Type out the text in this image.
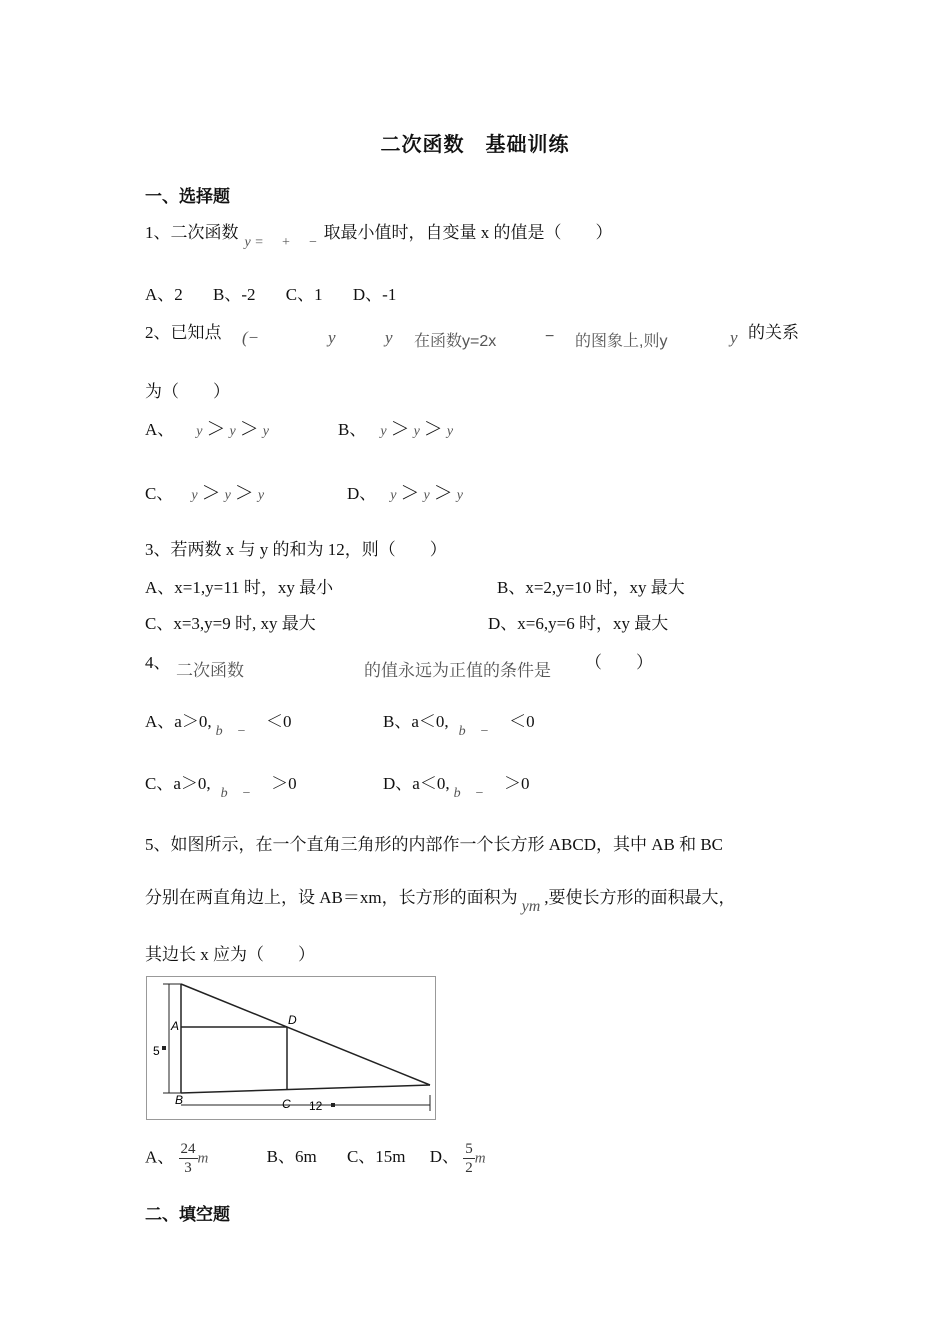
二次函数　基础训练
一、选择题
1、二次函数$_{y = + -}$取最小值时，自变量 x 的值是（　　）
A、2 B、-2 C、1 D、-1
2、已知点 (−	y	y 在函数y=2x	− 的图象上,则y	y 的关系
为（　　）
A、 y ＞ y ＞ y	B、 y ＞ y ＞ y
C、 y ＞ y ＞ y	D、 y ＞ y ＞ y
3、若两数 x 与 y 的和为 12，则（　　）
A、x=1,y=11 时，xy 最小	B、x=2,y=10 时，xy 最大
C、x=3,y=9 时, xy 最大	D、x=6,y=6 时，xy 最大
4、 二次函数	的值永远为正值的条件是 （　　）
A、$a>0,_{b -}$　＜0	B、$a<0,_{b -}$　＜0
C、$a>0,_{b -}$　＞0	D、$a<0,_{b -}$　＞0
5、如图所示，在一个直角三角形的内部作一个长方形 ABCD，其中 AB 和 BC
分别在两直角边上，设 AB＝xm，长方形的面积为 ym ,要使长方形的面积最大，
其边长 x 应为（　　）
5
12
A
B	C
D
A、 $\frac{24}{3}$ m	B、6m C、15m D、 $\frac{5}{2}$ m
二、填空题
